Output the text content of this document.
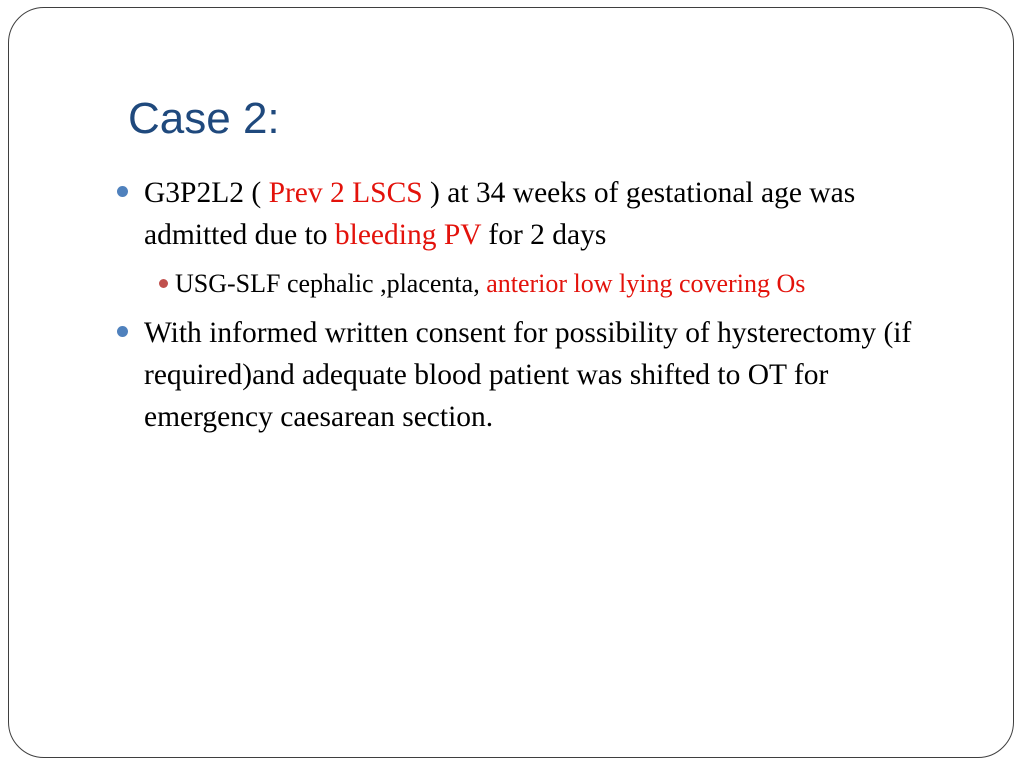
Case 2:
G3P2L2 ( Prev 2 LSCS ) at 34 weeks of gestational age was admitted due to bleeding PV for 2 days
USG-SLF cephalic ,placenta, anterior low lying covering Os
With informed written consent for possibility of hysterectomy (if required)and adequate blood patient was shifted to OT for emergency caesarean section.
